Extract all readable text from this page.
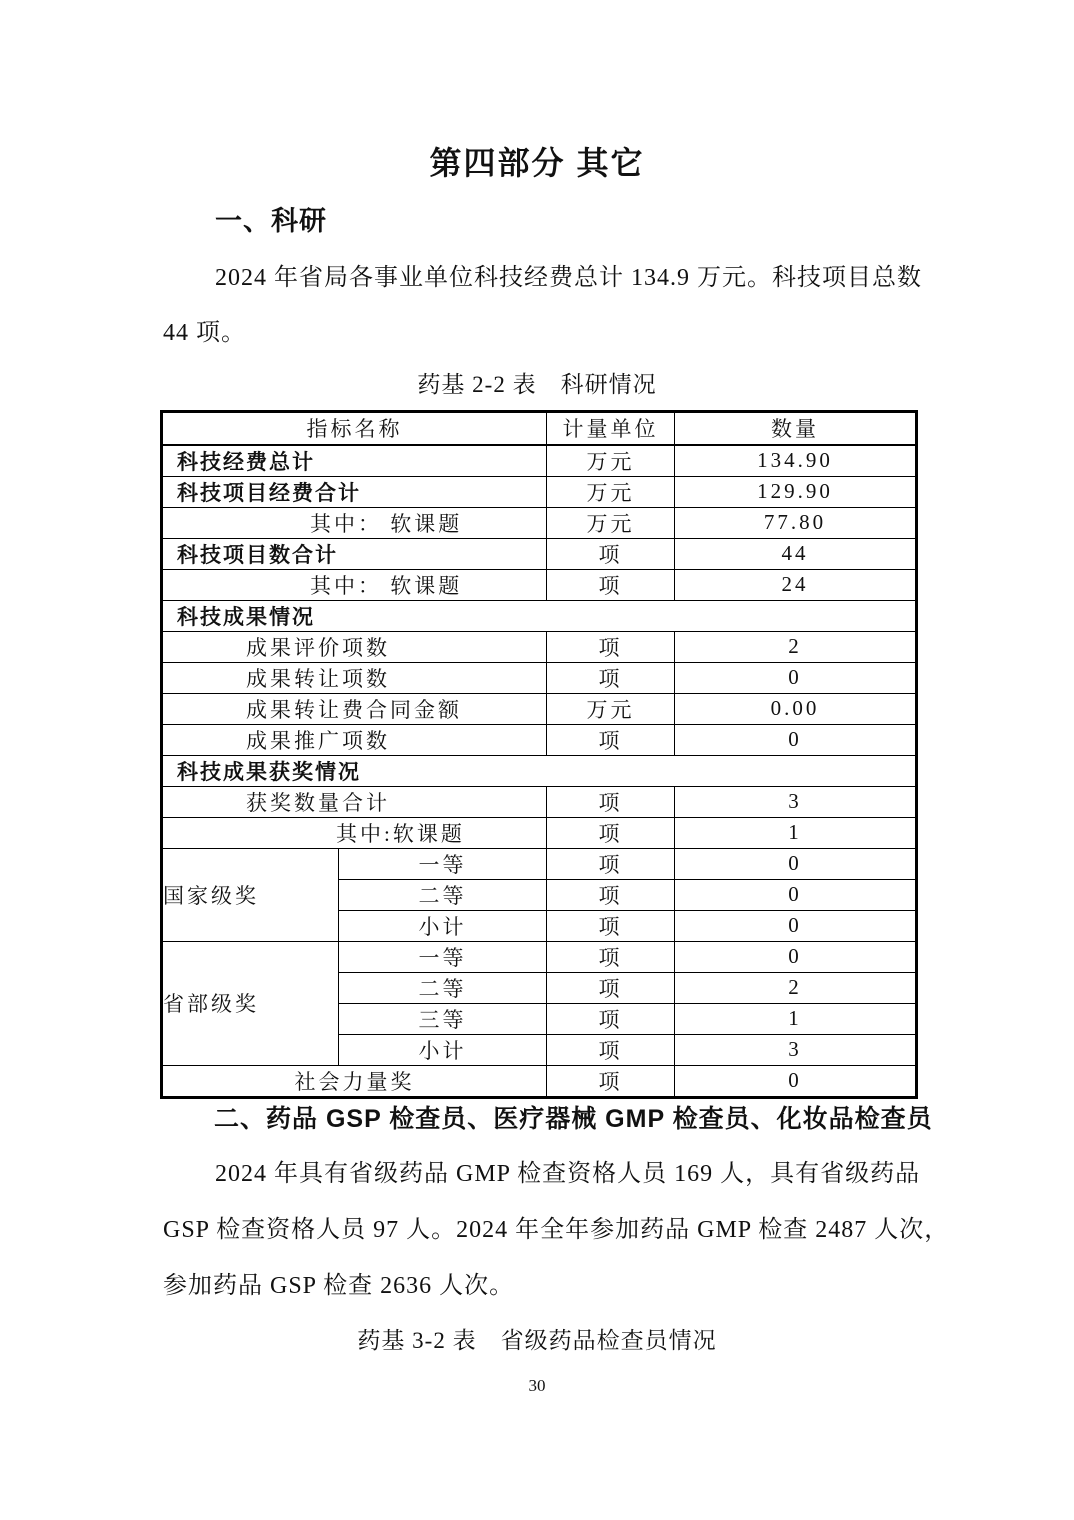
第四部分 其它
一、科研
2024 年省局各事业单位科技经费总计 134.9 万元。科技项目总数
44 项。
药基 2-2 表　科研情况
指标名称		计量单位	数量
科技经费总计		万元	134.90
科技项目经费合计		万元	129.90
其中： 软课题		万元	77.80
科技项目数合计		项	44
其中： 软课题		项	24
科技成果情况			
成果评价项数		项	2
成果转让项数		项	0
成果转让费合同金额		万元	0.00
成果推广项数		项	0
科技成果获奖情况			
获奖数量合计		项	3
其中:软课题		项	1
国家级奖	一等	项	0
	二等	项	0
	小计	项	0
省部级奖	一等	项	0
	二等	项	2
	三等	项	1
	小计	项	3
社会力量奖		项	0
二、药品 GSP 检查员、医疗器械 GMP 检查员、化妆品检查员
2024 年具有省级药品 GMP 检查资格人员 169 人，具有省级药品
GSP 检查资格人员 97 人。2024 年全年参加药品 GMP 检查 2487 人次，
参加药品 GSP 检查 2636 人次。
药基 3-2 表　省级药品检查员情况
30
